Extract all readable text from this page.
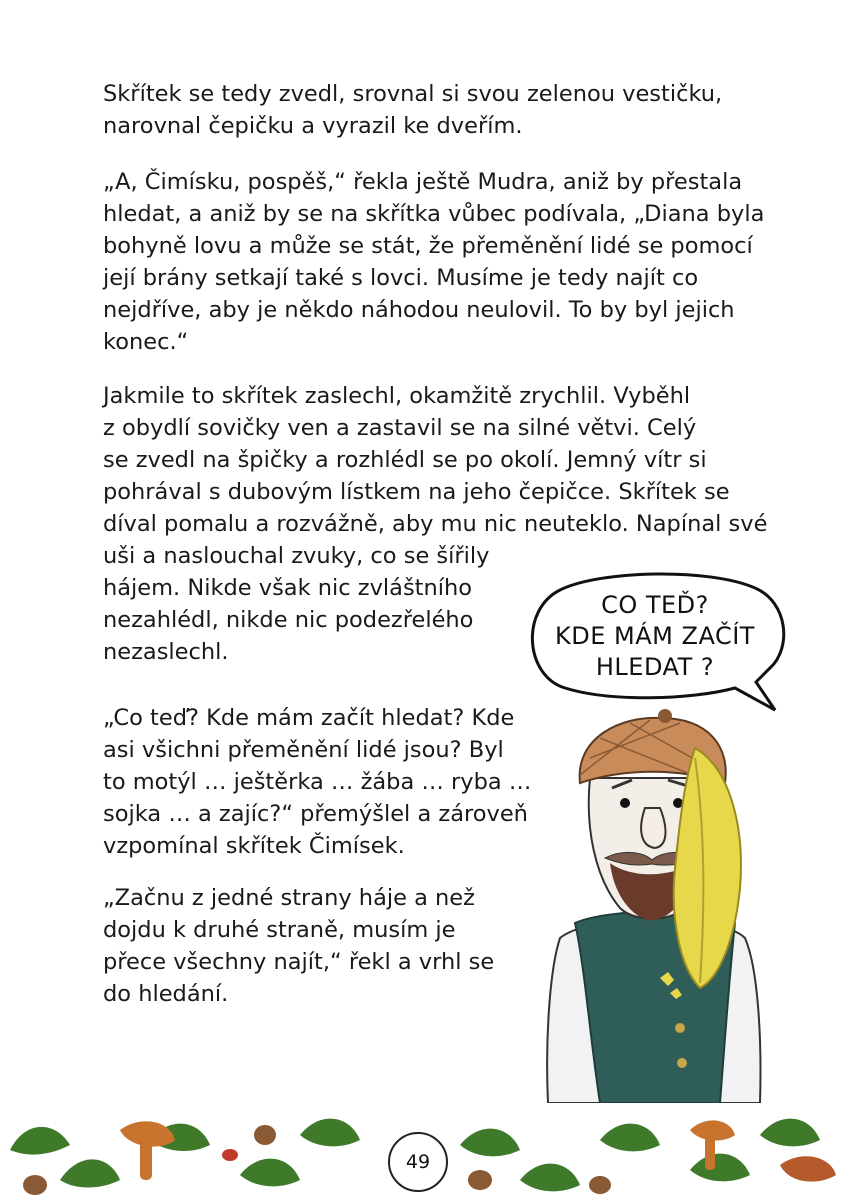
Skřítek se tedy zvedl, srovnal si svou zelenou vestičku,
narovnal čepičku a vyrazil ke dveřím.

„A, Čimísku, pospěš,“ řekla ještě Mudra, aniž by přestala
hledat, a aniž by se na skřítka vůbec podívala, „Diana byla
bohyně lovu a může se stát, že přeměnění lidé se pomocí
její brány setkají také s lovci. Musíme je tedy najít co
nejdříve, aby je někdo náhodou neulovil. To by byl jejich
konec.“

Jakmile to skřítek zaslechl, okamžitě zrychlil. Vyběhl
z obydlí sovičky ven a zastavil se na silné větvi. Celý
se zvedl na špičky a rozhlédl se po okolí. Jemný vítr si
pohrával s dubovým lístkem na jeho čepičce. Skřítek se
díval pomalu a rozvážně, aby mu nic neuteklo. Napínal své
uši a naslouchal zvuky, co se šířily
hájem. Nikde však nic zvláštního
nezahlédl, nikde nic podezřelého
nezaslechl.

„Co teď? Kde mám začít hledat? Kde
asi všichni přeměnění lidé jsou? Byl
to motýl … ještěrka … žába … ryba …
sojka … a zajíc?“ přemýšlel a zároveň
vzpomínal skřítek Čimísek.

„Začnu z jedné strany háje a než
dojdu k druhé straně, musím je
přece všechny najít,“ řekl a vrhl se
do hledání.

CO TEĎ?
KDE MÁM ZAČÍT
HLEDAT ?
49
